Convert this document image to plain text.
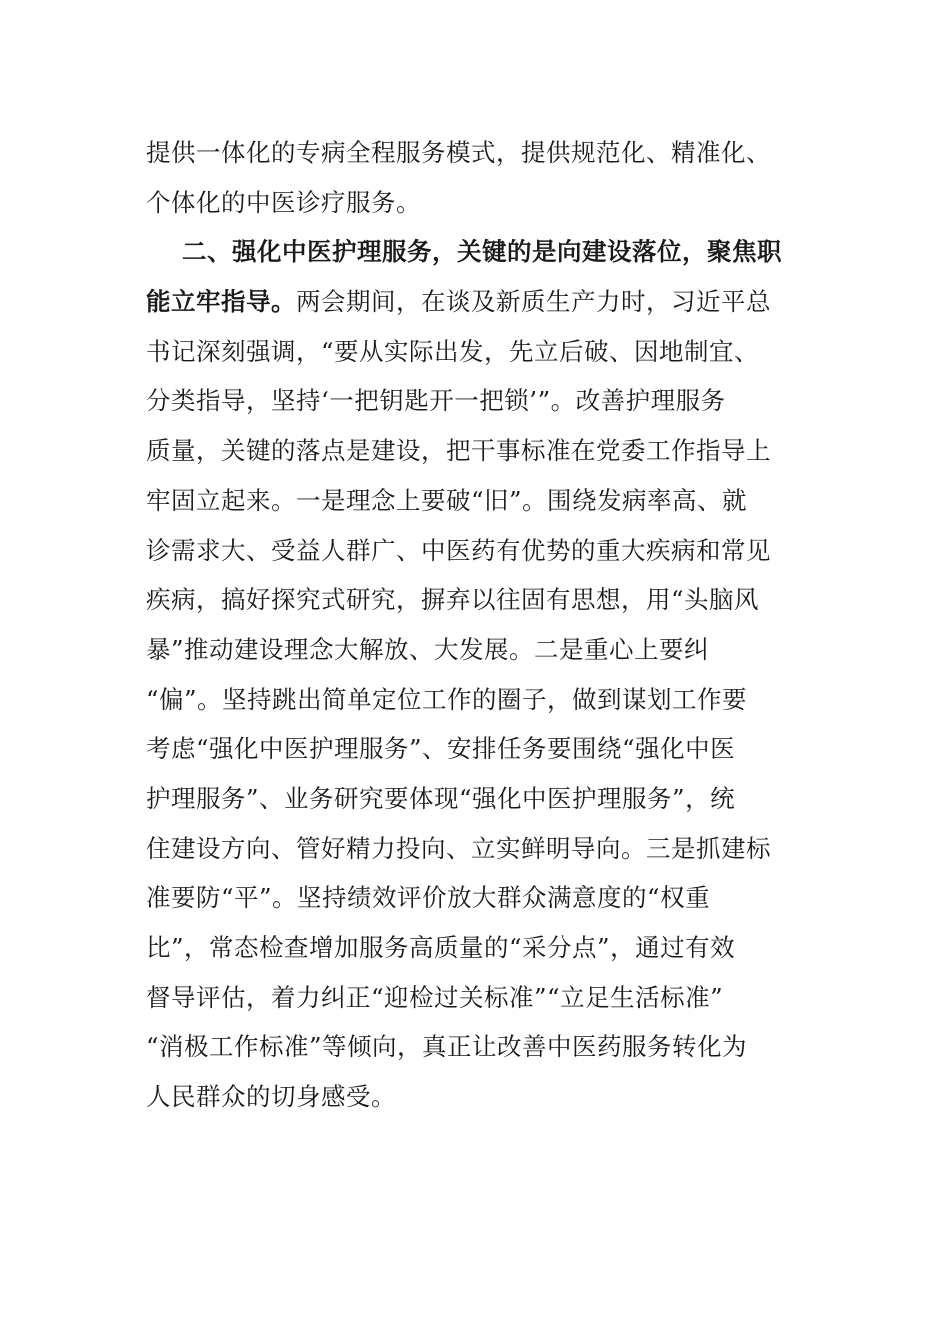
提供一体化的专病全程服务模式，提供规范化、精准化、
个体化的中医诊疗服务。
二、强化中医护理服务，关键的是向建设落位，聚焦职
能立牢指导。两会期间，在谈及新质生产力时，习近平总
书记深刻强调，“要从实际出发，先立后破、因地制宜、
分类指导，坚持‘一把钥匙开一把锁’”。改善护理服务
质量，关键的落点是建设，把干事标准在党委工作指导上
牢固立起来。一是理念上要破“旧”。围绕发病率高、就
诊需求大、受益人群广、中医药有优势的重大疾病和常见
疾病，搞好探究式研究，摒弃以往固有思想，用“头脑风
暴”推动建设理念大解放、大发展。二是重心上要纠
“偏”。坚持跳出简单定位工作的圈子，做到谋划工作要
考虑“强化中医护理服务”、安排任务要围绕“强化中医
护理服务”、业务研究要体现“强化中医护理服务”，统
住建设方向、管好精力投向、立实鲜明导向。三是抓建标
准要防“平”。坚持绩效评价放大群众满意度的“权重
比”，常态检查增加服务高质量的“采分点”，通过有效
督导评估，着力纠正“迎检过关标准”“立足生活标准”
“消极工作标准”等倾向，真正让改善中医药服务转化为
人民群众的切身感受。
